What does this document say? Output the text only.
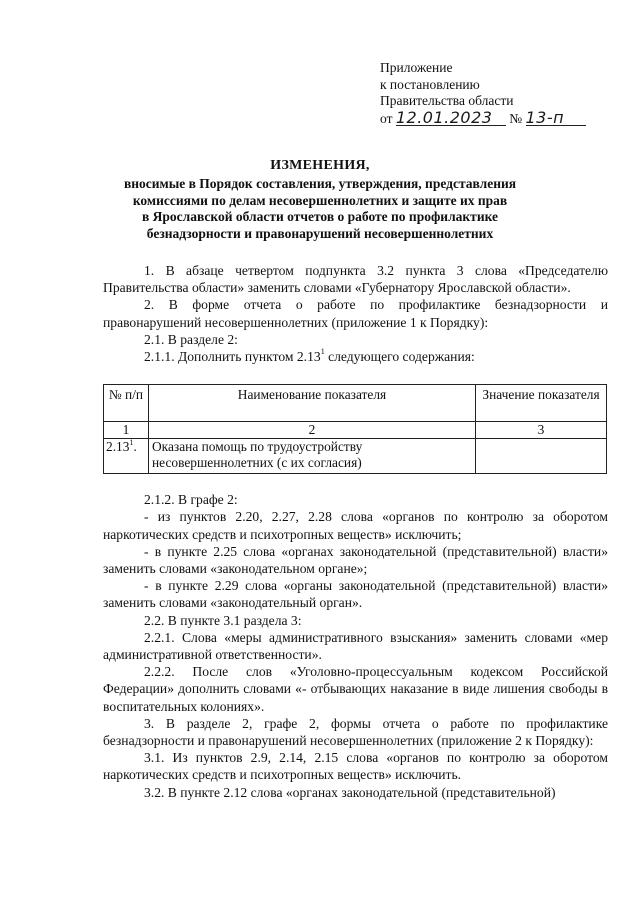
Приложение
к постановлению
Правительства области
от 12.01.2023 № 13-п
ИЗМЕНЕНИЯ,
вносимые в Порядок составления, утверждения, представления
комиссиями по делам несовершеннолетних и защите их прав
в Ярославской области отчетов о работе по профилактике
безнадзорности и правонарушений несовершеннолетних

1. В абзаце четвертом подпункта 3.2 пункта 3 слова «Председателю Правительства области» заменить словами «Губернатору Ярославской области».

2. В форме отчета о работе по профилактике безнадзорности и правонарушений несовершеннолетних (приложение 1 к Порядку):

2.1. В разделе 2:

2.1.1. Дополнить пунктом 2.13$^1$ следующего содержания:

№ п/п	Наименование показателя	Значение показателя
1	2	3
2.13$^1$.	Оказана помощь по трудоустройству несовершеннолетних (с их согласия)	

2.1.2. В графе 2:

- из пунктов 2.20, 2.27, 2.28 слова «органов по контролю за оборотом наркотических средств и психотропных веществ» исключить;

- в пункте 2.25 слова «органах законодательной (представительной) власти» заменить словами «законодательном органе»;

- в пункте 2.29 слова «органы законодательной (представительной) власти» заменить словами «законодательный орган».

2.2. В пункте 3.1 раздела 3:

2.2.1. Слова «меры административного взыскания» заменить словами «мер административной ответственности».

2.2.2. После слов «Уголовно-процессуальным кодексом Российской Федерации» дополнить словами «- отбывающих наказание в виде лишения свободы в воспитательных колониях».

3. В разделе 2, графе 2, формы отчета о работе по профилактике безнадзорности и правонарушений несовершеннолетних (приложение 2 к Порядку):

3.1. Из пунктов 2.9, 2.14, 2.15 слова «органов по контролю за оборотом наркотических средств и психотропных веществ» исключить.

3.2. В пункте 2.12 слова «органах законодательной (представительной)
